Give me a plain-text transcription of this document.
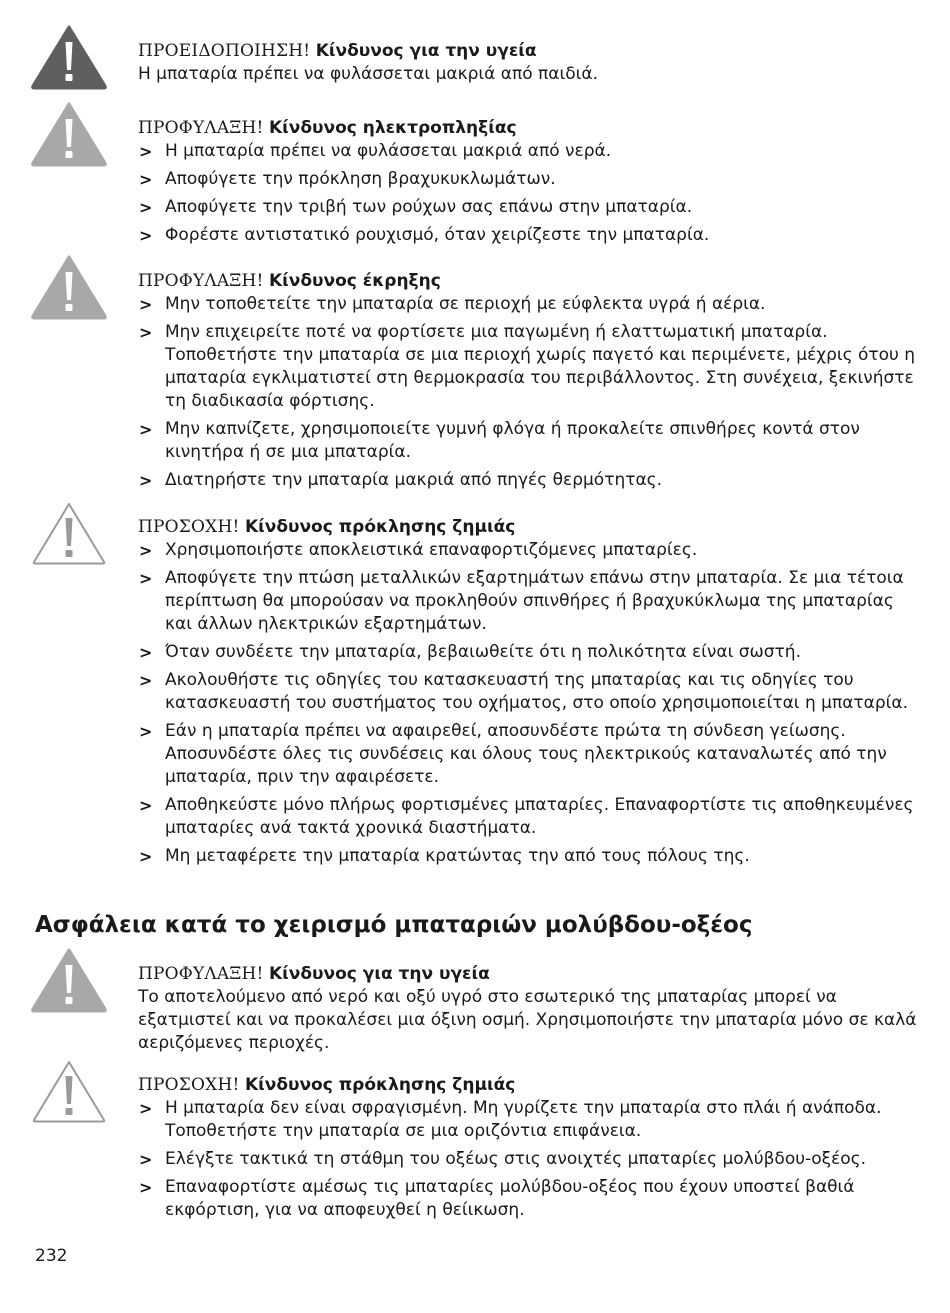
ΠΡΟΕΙΔΟΠΟΙΗΣΗ! Κίνδυνος για την υγεία

Η μπαταρία πρέπει να φυλάσσεται μακριά από παιδιά.

ΠΡΟΦΥΛΑΞΗ! Κίνδυνος ηλεκτροπληξίας

> Η μπαταρία πρέπει να φυλάσσεται μακριά από νερά.
> Αποφύγετε την πρόκληση βραχυκυκλωμάτων.
> Αποφύγετε την τριβή των ρούχων σας επάνω στην μπαταρία.
> Φορέστε αντιστατικό ρουχισμό, όταν χειρίζεστε την μπαταρία.

ΠΡΟΦΥΛΑΞΗ! Κίνδυνος έκρηξης

> Μην τοποθετείτε την μπαταρία σε περιοχή με εύφλεκτα υγρά ή αέρια.
> Μην επιχειρείτε ποτέ να φορτίσετε μια παγωμένη ή ελαττωματική μπαταρία. Τοποθετήστε την μπαταρία σε μια περιοχή χωρίς παγετό και περιμένετε, μέχρις ότου η μπαταρία εγκλιματιστεί στη θερμοκρασία του περιβάλλοντος. Στη συνέχεια, ξεκινήστε τη διαδικασία φόρτισης.
> Μην καπνίζετε, χρησιμοποιείτε γυμνή φλόγα ή προκαλείτε σπινθήρες κοντά στον κινητήρα ή σε μια μπαταρία.
> Διατηρήστε την μπαταρία μακριά από πηγές θερμότητας.

ΠΡΟΣΟΧΗ! Κίνδυνος πρόκλησης ζημιάς

> Χρησιμοποιήστε αποκλειστικά επαναφορτιζόμενες μπαταρίες.
> Αποφύγετε την πτώση μεταλλικών εξαρτημάτων επάνω στην μπαταρία. Σε μια τέτοια περίπτωση θα μπορούσαν να προκληθούν σπινθήρες ή βραχυκύκλωμα της μπαταρίας και άλλων ηλεκτρικών εξαρτημάτων.
> Όταν συνδέετε την μπαταρία, βεβαιωθείτε ότι η πολικότητα είναι σωστή.
> Ακολουθήστε τις οδηγίες του κατασκευαστή της μπαταρίας και τις οδηγίες του κατασκευαστή του συστήματος του οχήματος, στο οποίο χρησιμοποιείται η μπαταρία.
> Εάν η μπαταρία πρέπει να αφαιρεθεί, αποσυνδέστε πρώτα τη σύνδεση γείωσης. Αποσυνδέστε όλες τις συνδέσεις και όλους τους ηλεκτρικούς καταναλωτές από την μπαταρία, πριν την αφαιρέσετε.
> Αποθηκεύστε μόνο πλήρως φορτισμένες μπαταρίες. Επαναφορτίστε τις αποθηκευμένες μπαταρίες ανά τακτά χρονικά διαστήματα.
> Μη μεταφέρετε την μπαταρία κρατώντας την από τους πόλους της.
Ασφάλεια κατά το χειρισμό μπαταριών μολύβδου-οξέος

ΠΡΟΦΥΛΑΞΗ! Κίνδυνος για την υγεία

Το αποτελούμενο από νερό και οξύ υγρό στο εσωτερικό της μπαταρίας μπορεί να εξατμιστεί και να προκαλέσει μια όξινη οσμή. Χρησιμοποιήστε την μπαταρία μόνο σε καλά αεριζόμενες περιοχές.

ΠΡΟΣΟΧΗ! Κίνδυνος πρόκλησης ζημιάς

> Η μπαταρία δεν είναι σφραγισμένη. Μη γυρίζετε την μπαταρία στο πλάι ή ανάποδα. Τοποθετήστε την μπαταρία σε μια οριζόντια επιφάνεια.
> Ελέγξτε τακτικά τη στάθμη του οξέως στις ανοιχτές μπαταρίες μολύβδου-οξέος.
> Επαναφορτίστε αμέσως τις μπαταρίες μολύβδου-οξέος που έχουν υποστεί βαθιά εκφόρτιση, για να αποφευχθεί η θείικωση.
232
